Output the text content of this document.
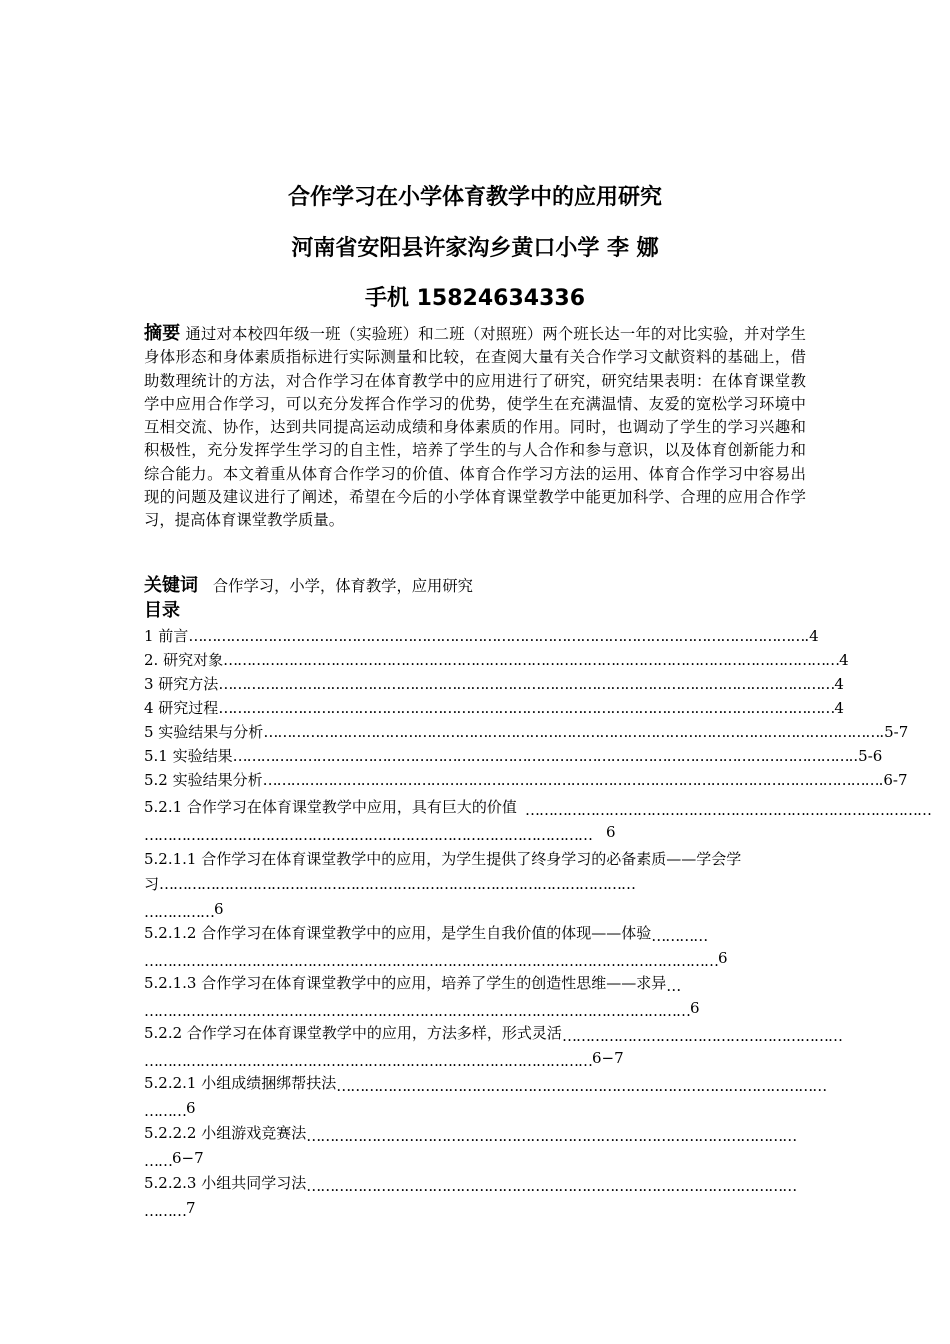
合作学习在小学体育教学中的应用研究
河南省安阳县许家沟乡黄口小学 李 娜
手机 15824634336
摘要 通过对本校四年级一班（实验班）和二班（对照班）两个班长达一年的对比实验，并对学生身体形态和身体素质指标进行实际测量和比较，在查阅大量有关合作学习文献资料的基础上，借助数理统计的方法，对合作学习在体育教学中的应用进行了研究，研究结果表明：在体育课堂教学中应用合作学习，可以充分发挥合作学习的优势，使学生在充满温情、友爱的宽松学习环境中互相交流、协作，达到共同提高运动成绩和身体素质的作用。同时，也调动了学生的学习兴趣和积极性，充分发挥学生学习的自主性，培养了学生的与人合作和参与意识，以及体育创新能力和综合能力。本文着重从体育合作学习的价值、体育合作学习方法的运用、体育合作学习中容易出现的问题及建议进行了阐述，希望在今后的小学体育课堂教学中能更加科学、合理的应用合作学习，提高体育课堂教学质量。
关键词 合作学习，小学，体育教学，应用研究
目录
1 前言 …………………………………………………………………………………………………………………… .4
2. 研究对象 …………………………………………………………………………………………………………………… 4
3 研究方法 …………………………………………………………………………………………………………………… 4
4 研究过程 …………………………………………………………………………………………………………………… 4
5 实验结果与分析 …………………………………………………………………………………………………………………… .5-7
5.1 实验结果 …………………………………………………………………………………………………………………… ..5-6
5.2 实验结果分析 …………………………………………………………………………………………………………………… .6-7
5.2.1 合作学习在体育课堂教学中应用，具有巨大的价值 ……………………………………………………………………………
…………………………………………………………………………………… 6
5.2.1.1 合作学习在体育课堂教学中的应用，为学生提供了终身学习的必备素质——学会学习…………………………………………………………………………………………
…………… 6
5.2.1.2 合作学习在体育课堂教学中的应用，是学生自我价值的体现——体验 …………
…………………………………………………………………………………………………………… 6
5.2.1.3 合作学习在体育课堂教学中的应用，培养了学生的创造性思维——求异 …
……………………………………………………………………………………………………… 6
5.2.2 合作学习在体育课堂教学中的应用，方法多样，形式灵活 ……………………………………………………
…………………………………………………………………………………… 6−7
5.2.2.1 小组成绩捆绑帮扶法 ……………………………………………………………………………………………
……… 6
5.2.2.2 小组游戏竞赛法 ……………………………………………………………………………………………
…… 6−7
5.2.2.3 小组共同学习法 ……………………………………………………………………………………………
……… 7
